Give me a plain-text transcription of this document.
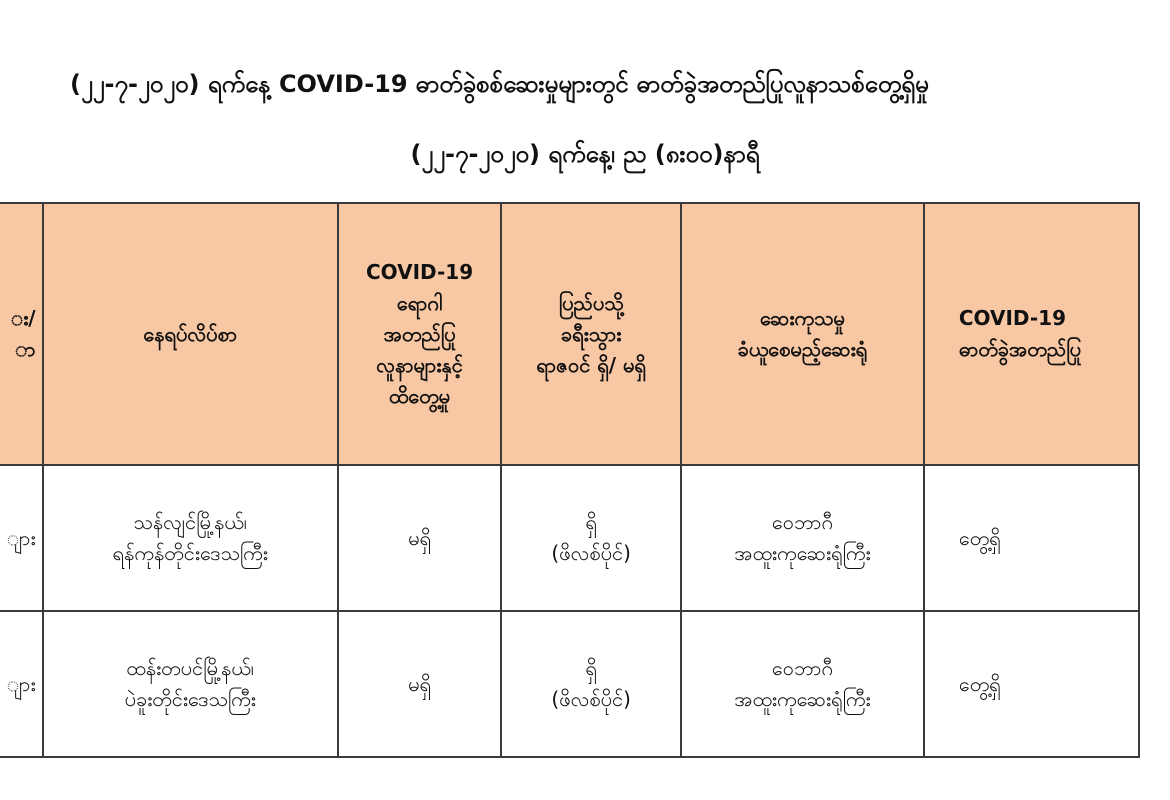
(၂၂-၇-၂၀၂၀) ရက်နေ့ COVID-19 ဓာတ်ခွဲစစ်ဆေးမှုများတွင် ဓာတ်ခွဲအတည်ပြုလူနာသစ်တွေ့ရှိမှု
(၂၂-၇-၂၀၂၀) ရက်နေ့၊ ည (၈း၀၀)နာရီ
း/
ာ	နေရပ်လိပ်စာ	COVID-19
ရောဂါ
အတည်ပြု
လူနာများနှင့်
ထိတွေ့မှု	ပြည်ပသို့
ခရီးသွား
ရာဇဝင် ရှိ/ မရှိ	ဆေးကုသမှု
ခံယူစေမည့်ဆေးရုံ	COVID-19
ဓာတ်ခွဲအတည်ပြု

ျား	သန်လျင်မြို့နယ်၊
ရန်ကုန်တိုင်းဒေသကြီး	မရှိ	ရှိ
(ဖိလစ်ပိုင်)	ဝေဘာဂီ
အထူးကုဆေးရုံကြီး	တွေ့ရှိ

ျား	ထန်းတပင်မြို့နယ်၊
ပဲခူးတိုင်းဒေသကြီး	မရှိ	ရှိ
(ဖိလစ်ပိုင်)	ဝေဘာဂီ
အထူးကုဆေးရုံကြီး	တွေ့ရှိ
